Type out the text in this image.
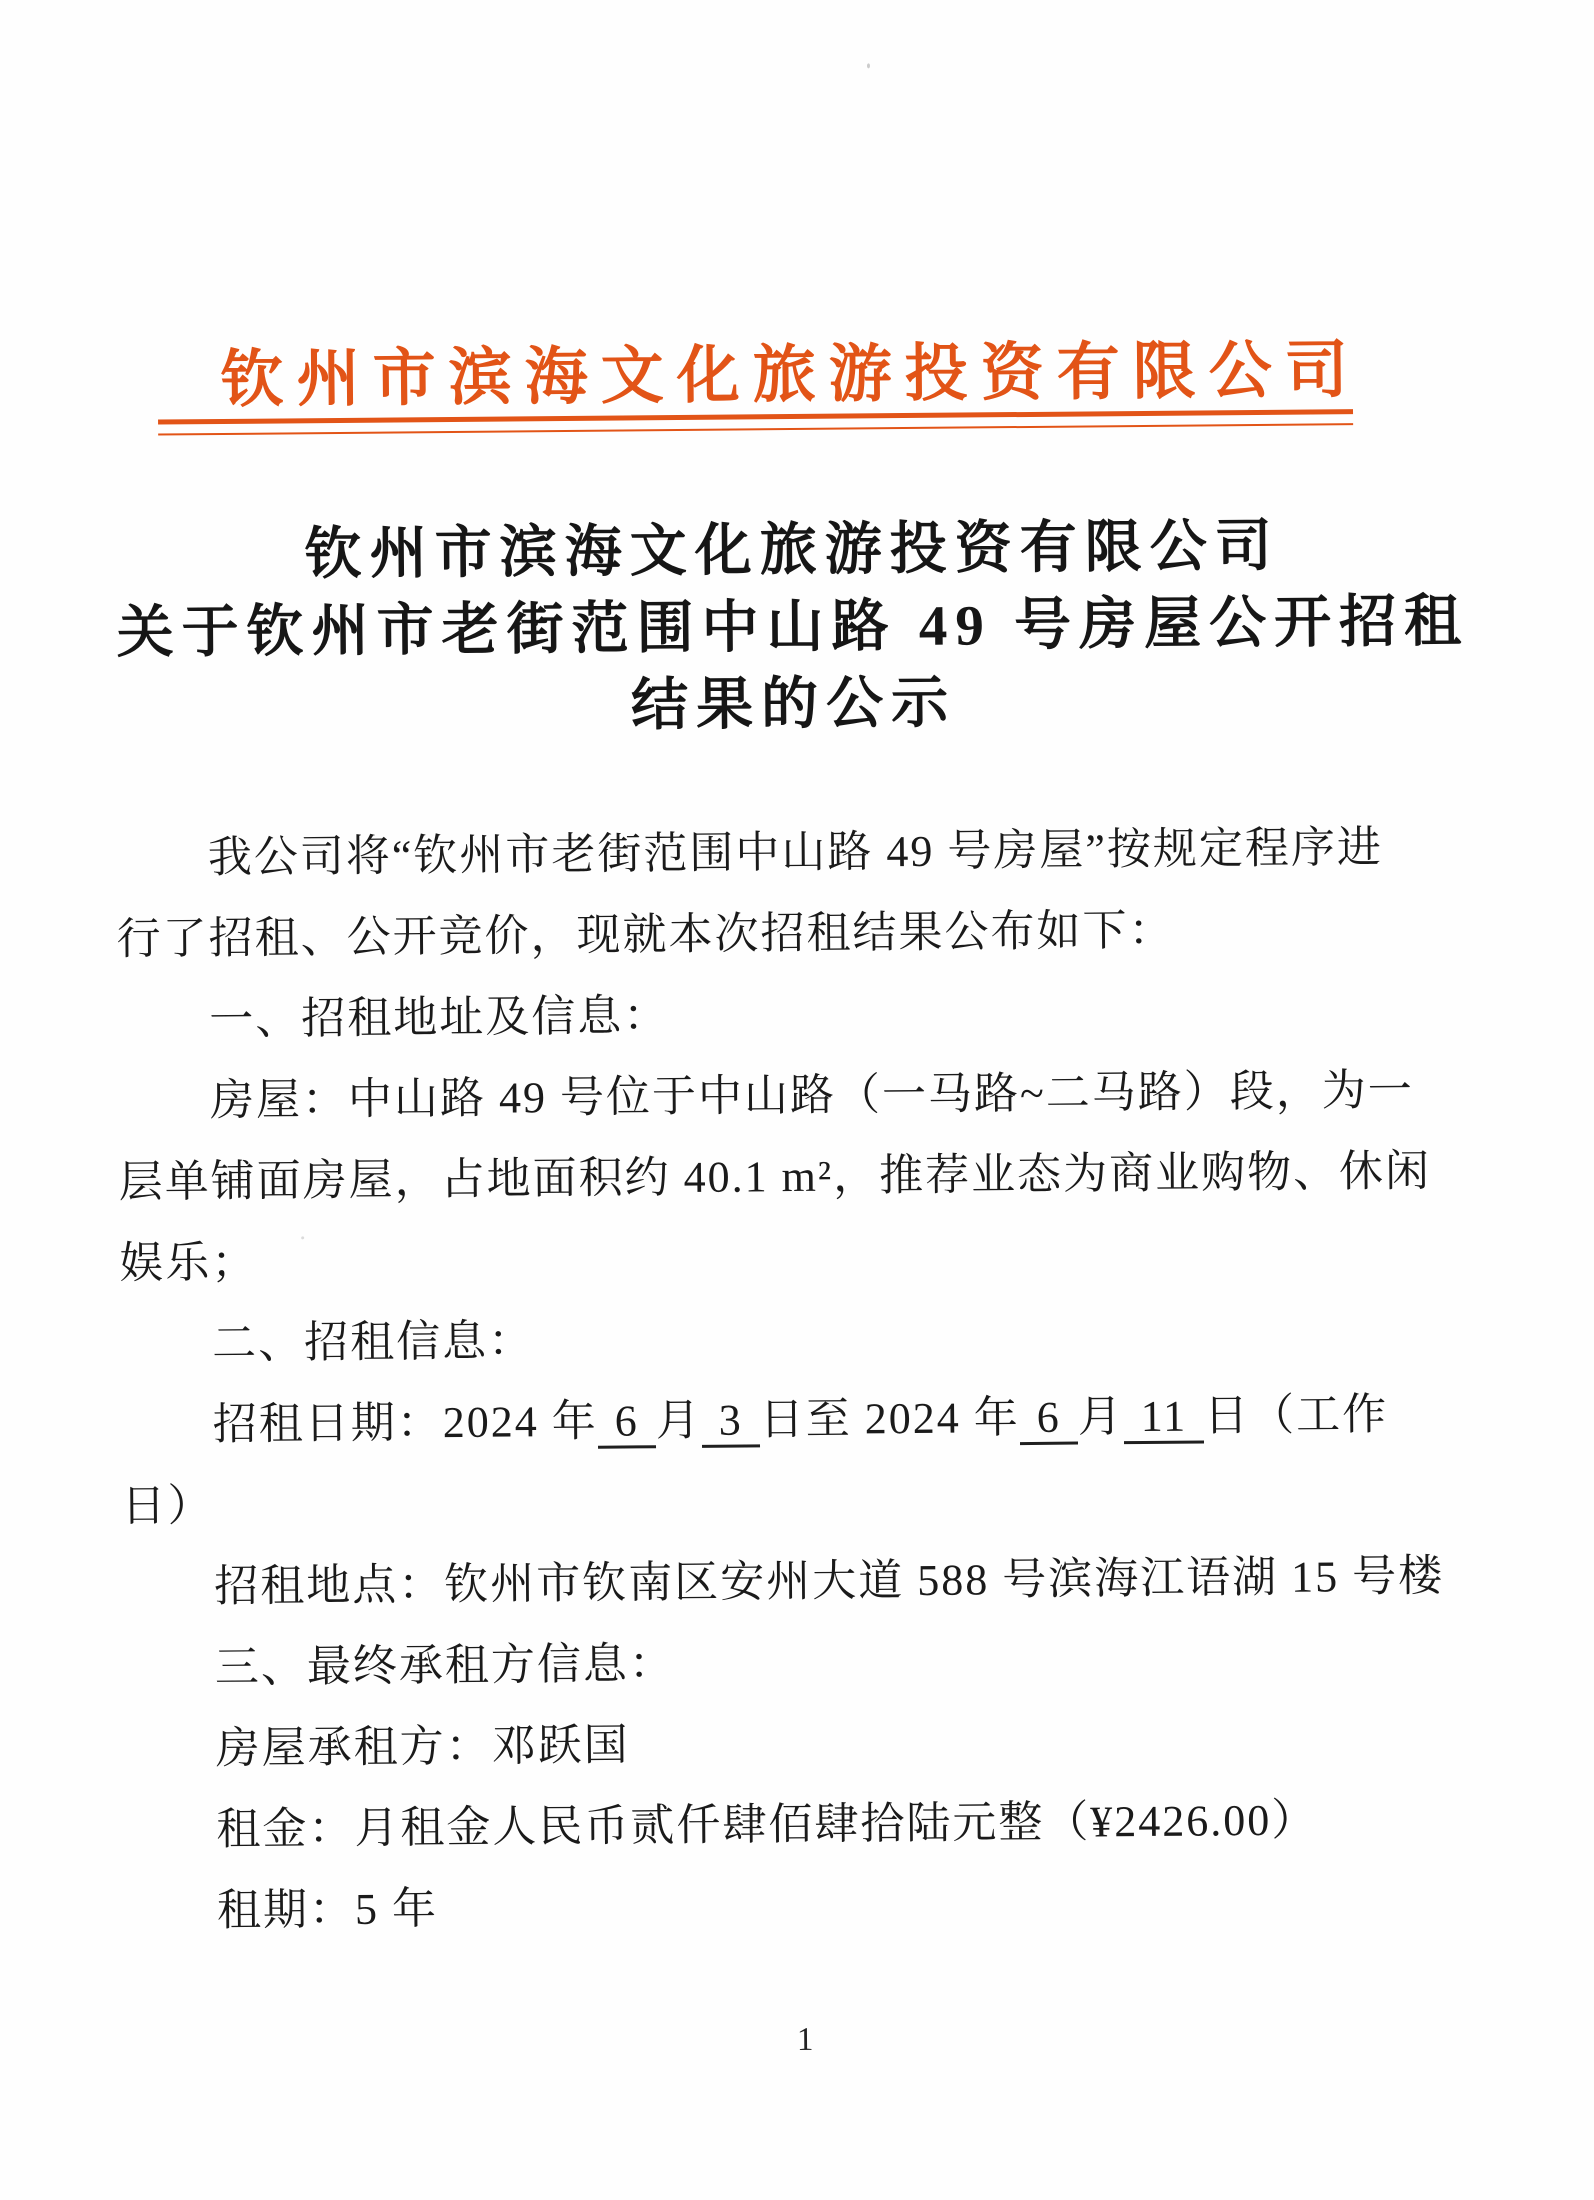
钦州市滨海文化旅游投资有限公司
钦州市滨海文化旅游投资有限公司
关于钦州市老街范围中山路 49 号房屋公开招租
结果的公示
我公司将“钦州市老街范围中山路 49 号房屋”按规定程序进
行了招租、公开竞价，现就本次招租结果公布如下：
一、招租地址及信息：
房屋：中山路 49 号位于中山路（一马路~二马路）段，为一
层单铺面房屋，占地面积约 40.1 m²，推荐业态为商业购物、休闲
娱乐；
二、招租信息：
招租日期：2024 年 6 月 3 日至 2024 年 6 月 11 日（工作
日）
招租地点：钦州市钦南区安州大道 588 号滨海江语湖 15 号楼
三、最终承租方信息：
房屋承租方：邓跃国
租金：月租金人民币贰仟肆佰肆拾陆元整（¥2426.00）
租期：5 年
1
